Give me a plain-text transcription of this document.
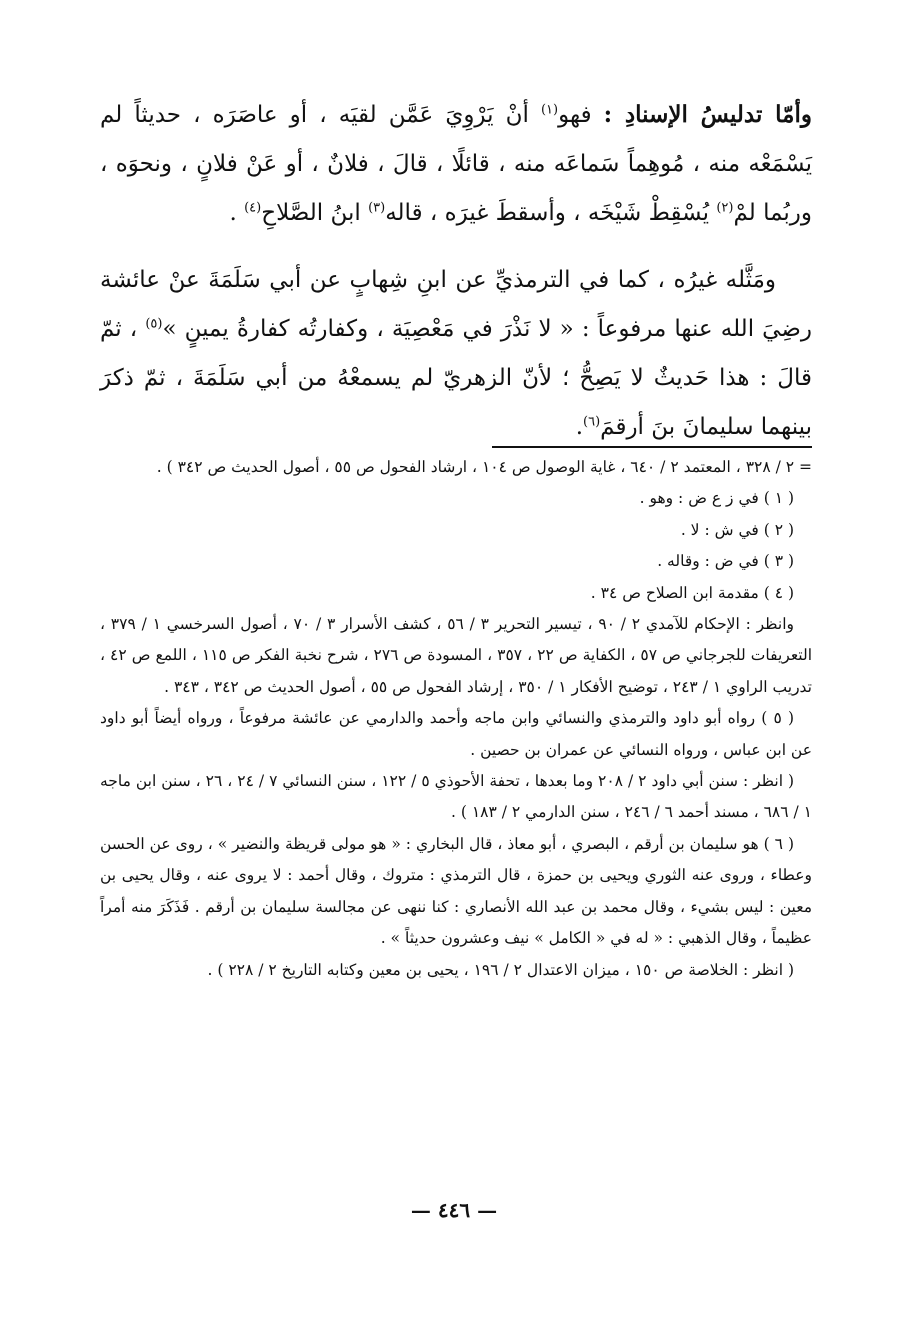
وأمّا تدليسُ الإسنادِ : فهو$^{(١)}$ أنْ يَرْوِيَ عَمَّن لقيَه ، أو عاصَرَه ، حديثاً لم يَسْمَعْه منه ، مُوهِماً سَماعَه منه ، قائلًا ، قالَ ، فلانٌ ، أو عَنْ فلانٍ ، ونحوَه ، وربُما لمْ$^{(٢)}$ يُسْقِطْ شَيْخَه ، وأسقطَ غيرَه ، قاله$^{(٣)}$ ابنُ الصَّلاحِ$^{(٤)}$ .

ومَثَّله غيرُه ، كما في الترمذيِّ عن ابنِ شِهابٍ عن أبي سَلَمَةَ عنْ عائشة رضِيَ الله عنها مرفوعاً : « لا نَذْرَ في مَعْصِيَة ، وكفارتُه كفارةُ يمينٍ »$^{(٥)}$ ، ثمّ قالَ : هذا حَديثٌ لا يَصِحُّ ؛ لأنّ الزهريّ لم يسمعْهُ من أبي سَلَمَةَ ، ثمّ ذكرَ بينهما سليمانَ بنَ أرقمَ$^{(٦)}$.

= ٢ / ٣٢٨ ، المعتمد ٢ / ٦٤٠ ، غاية الوصول ص ١٠٤ ، ارشاد الفحول ص ٥٥ ، أصول الحديث ص ٣٤٢ ) .
( ١ ) في ز ع ض : وهو .
( ٢ ) في ش : لا .
( ٣ ) في ض : وقاله .
( ٤ ) مقدمة ابن الصلاح ص ٣٤ .
وانظر : الإحكام للآمدي ٢ / ٩٠ ، تيسير التحرير ٣ / ٥٦ ، كشف الأسرار ٣ / ٧٠ ، أصول السرخسي ١ / ٣٧٩ ، التعريفات للجرجاني ص ٥٧ ، الكفاية ص ٢٢ ، ٣٥٧ ، المسودة ص ٢٧٦ ، شرح نخبة الفكر ص ١١٥ ، اللمع ص ٤٢ ، تدريب الراوي ١ / ٢٤٣ ، توضيح الأفكار ١ / ٣٥٠ ، إرشاد الفحول ص ٥٥ ، أصول الحديث ص ٣٤٢ ، ٣٤٣ .
( ٥ ) رواه أبو داود والترمذي والنسائي وابن ماجه وأحمد والدارمي عن عائشة مرفوعاً ، ورواه أيضاً أبو داود عن ابن عباس ، ورواه النسائي عن عمران بن حصين .
( انظر : سنن أبي داود ٢ / ٢٠٨ وما بعدها ، تحفة الأحوذي ٥ / ١٢٢ ، سنن النسائي ٧ / ٢٤ ، ٢٦ ، سنن ابن ماجه ١ / ٦٨٦ ، مسند أحمد ٦ / ٢٤٦ ، سنن الدارمي ٢ / ١٨٣ ) .
( ٦ ) هو سليمان بن أرقم ، البصري ، أبو معاذ ، قال البخاري : « هو مولى قريظة والنضير » ، روى عن الحسن وعطاء ، وروى عنه الثوري ويحيى بن حمزة ، قال الترمذي : متروك ، وقال أحمد : لا يروى عنه ، وقال يحيى بن معين : ليس بشيء ، وقال محمد بن عبد الله الأنصاري : كنا ننهى عن مجالسة سليمان بن أرقم . فَذَكَرَ منه أمراً عظيماً ، وقال الذهبي : « له في « الكامل » نيف وعشرون حديثاً » .
( انظر : الخلاصة ص ١٥٠ ، ميزان الاعتدال ٢ / ١٩٦ ، يحيى بن معين وكتابه التاريخ ٢ / ٢٢٨ ) .
— ٤٤٦ —
